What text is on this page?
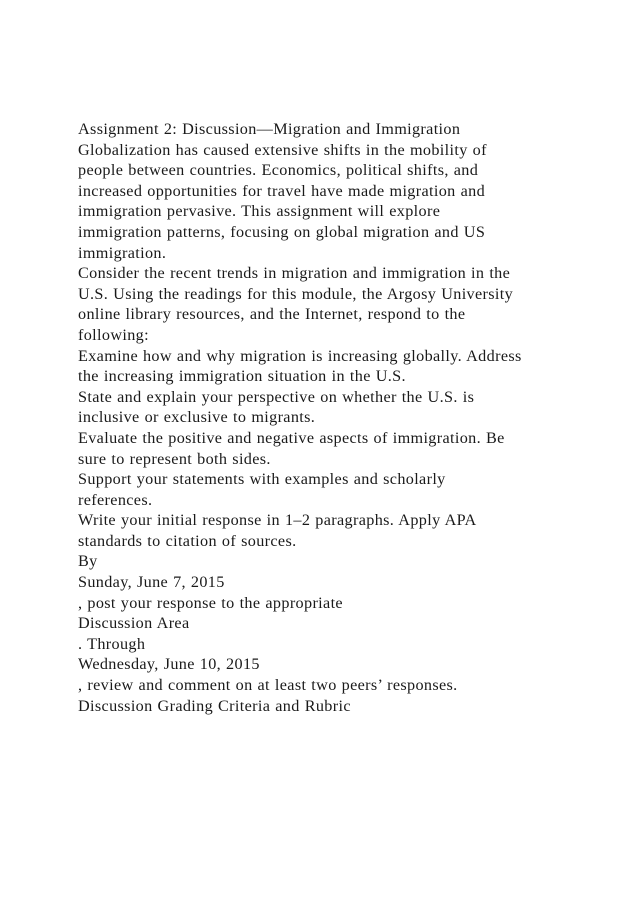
Assignment 2: Discussion—Migration and Immigration
Globalization has caused extensive shifts in the mobility of
people between countries. Economics, political shifts, and
increased opportunities for travel have made migration and
immigration pervasive. This assignment will explore
immigration patterns, focusing on global migration and US
immigration.
Consider the recent trends in migration and immigration in the
U.S. Using the readings for this module, the Argosy University
online library resources, and the Internet, respond to the
following:
Examine how and why migration is increasing globally. Address
the increasing immigration situation in the U.S.
State and explain your perspective on whether the U.S. is
inclusive or exclusive to migrants.
Evaluate the positive and negative aspects of immigration. Be
sure to represent both sides.
Support your statements with examples and scholarly
references.
Write your initial response in 1–2 paragraphs. Apply APA
standards to citation of sources.
By
Sunday, June 7, 2015
, post your response to the appropriate
Discussion Area
. Through
Wednesday, June 10, 2015
, review and comment on at least two peers’ responses.
Discussion Grading Criteria and Rubric
